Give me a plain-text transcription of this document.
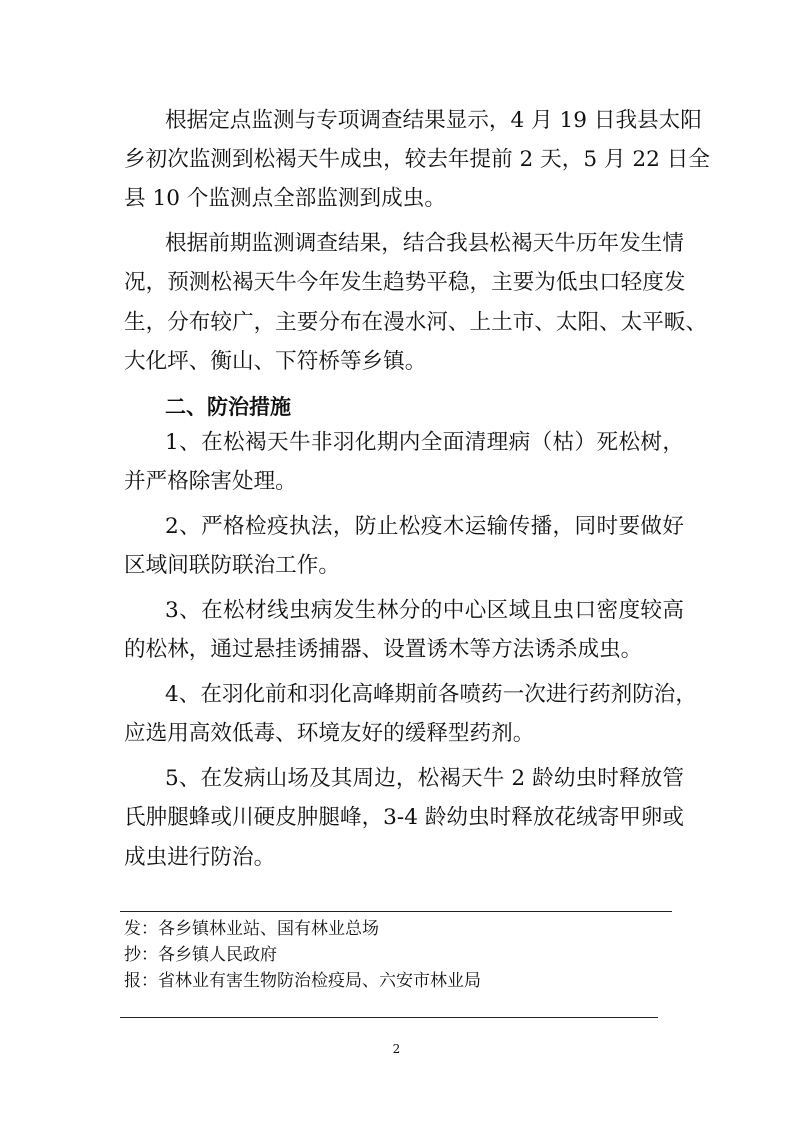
根据定点监测与专项调查结果显示，4 月 19 日我县太阳
乡初次监测到松褐天牛成虫，较去年提前 2 天，5 月 22 日全
县 10 个监测点全部监测到成虫。
根据前期监测调查结果，结合我县松褐天牛历年发生情
况，预测松褐天牛今年发生趋势平稳，主要为低虫口轻度发
生，分布较广，主要分布在漫水河、上土市、太阳、太平畈、
大化坪、衡山、下符桥等乡镇。
二、防治措施
1、在松褐天牛非羽化期内全面清理病（枯）死松树，
并严格除害处理。
2、严格检疫执法，防止松疫木运输传播，同时要做好
区域间联防联治工作。
3、在松材线虫病发生林分的中心区域且虫口密度较高
的松林，通过悬挂诱捕器、设置诱木等方法诱杀成虫。
4、在羽化前和羽化高峰期前各喷药一次进行药剂防治，
应选用高效低毒、环境友好的缓释型药剂。
5、在发病山场及其周边，松褐天牛 2 龄幼虫时释放管
氏肿腿蜂或川硬皮肿腿峰，3-4 龄幼虫时释放花绒寄甲卵或
成虫进行防治。
发：各乡镇林业站、国有林业总场
抄：各乡镇人民政府
报：省林业有害生物防治检疫局、六安市林业局
2
